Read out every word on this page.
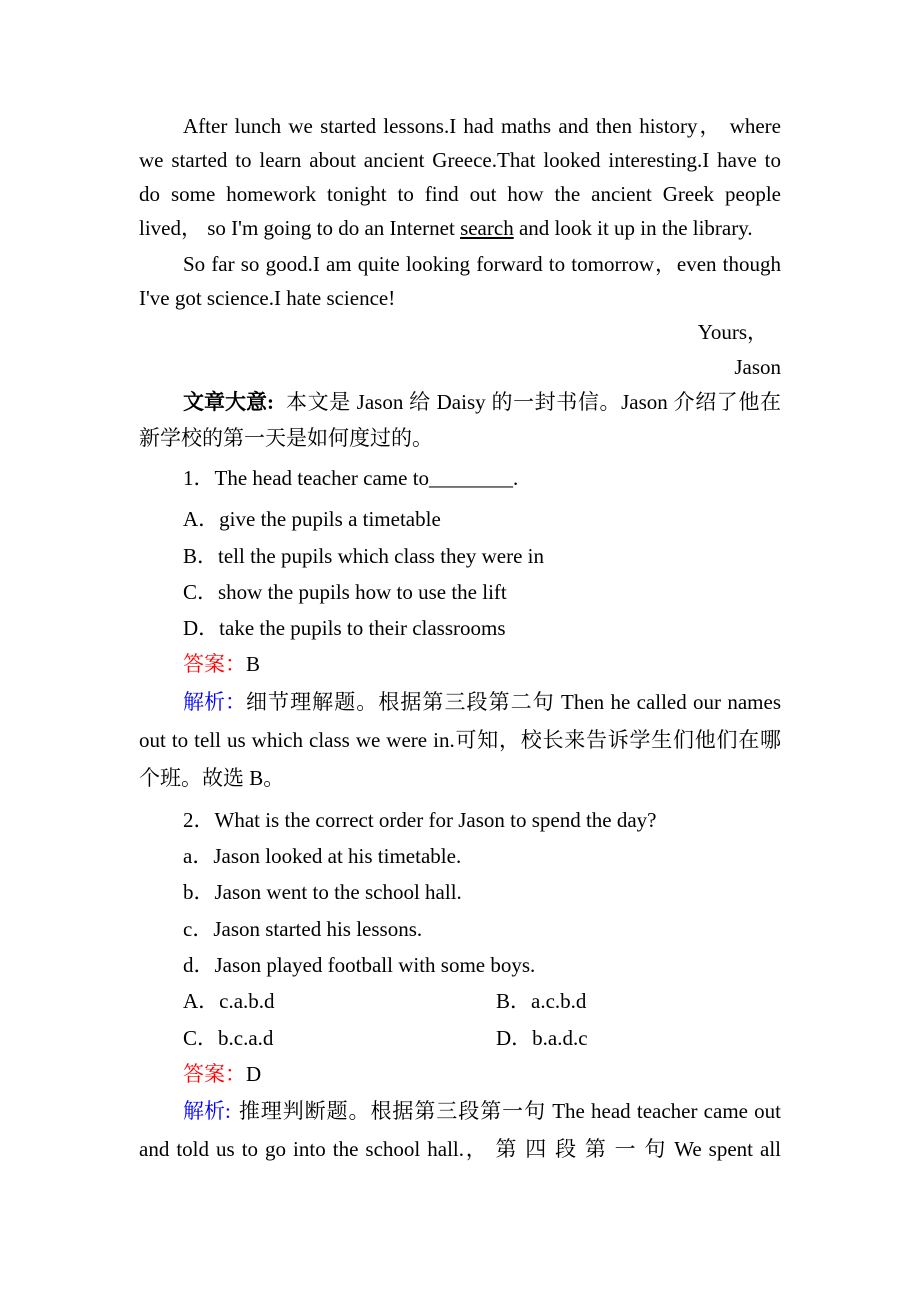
After lunch we started lessons.I had maths and then history， where
we started to learn about ancient Greece.That looked interesting.I have to
do some homework tonight to find out how the ancient Greek people
lived， so I'm going to do an Internet search and look it up in the library.
So far so good.I am quite looking forward to tomorrow，even though
I've got science.I hate science!
Yours，
Jason
文章大意: 本文是 Jason 给 Daisy 的一封书信。Jason 介绍了他在
新学校的第一天是如何度过的。
1．The head teacher came to________.
A．give the pupils a timetable
B．tell the pupils which class they were in
C．show the pupils how to use the lift
D．take the pupils to their classrooms
答案：B
解析： 细节理解题。根据第三段第二句 Then he called our names
out to tell us which class we were in.可知，校长来告诉学生们他们在哪
个班。故选 B。
2．What is the correct order for Jason to spend the day?
a．Jason looked at his timetable.
b．Jason went to the school hall.
c．Jason started his lessons.
d．Jason played football with some boys.
A．c.a.b.d	B．a.c.b.d
C．b.c.a.d	D．b.a.d.c
答案：D
解析: 推理判断题。根据第三段第一句 The head teacher came out
and told us to go into the school hall.， 第 四 段 第 一 句 We spent all
